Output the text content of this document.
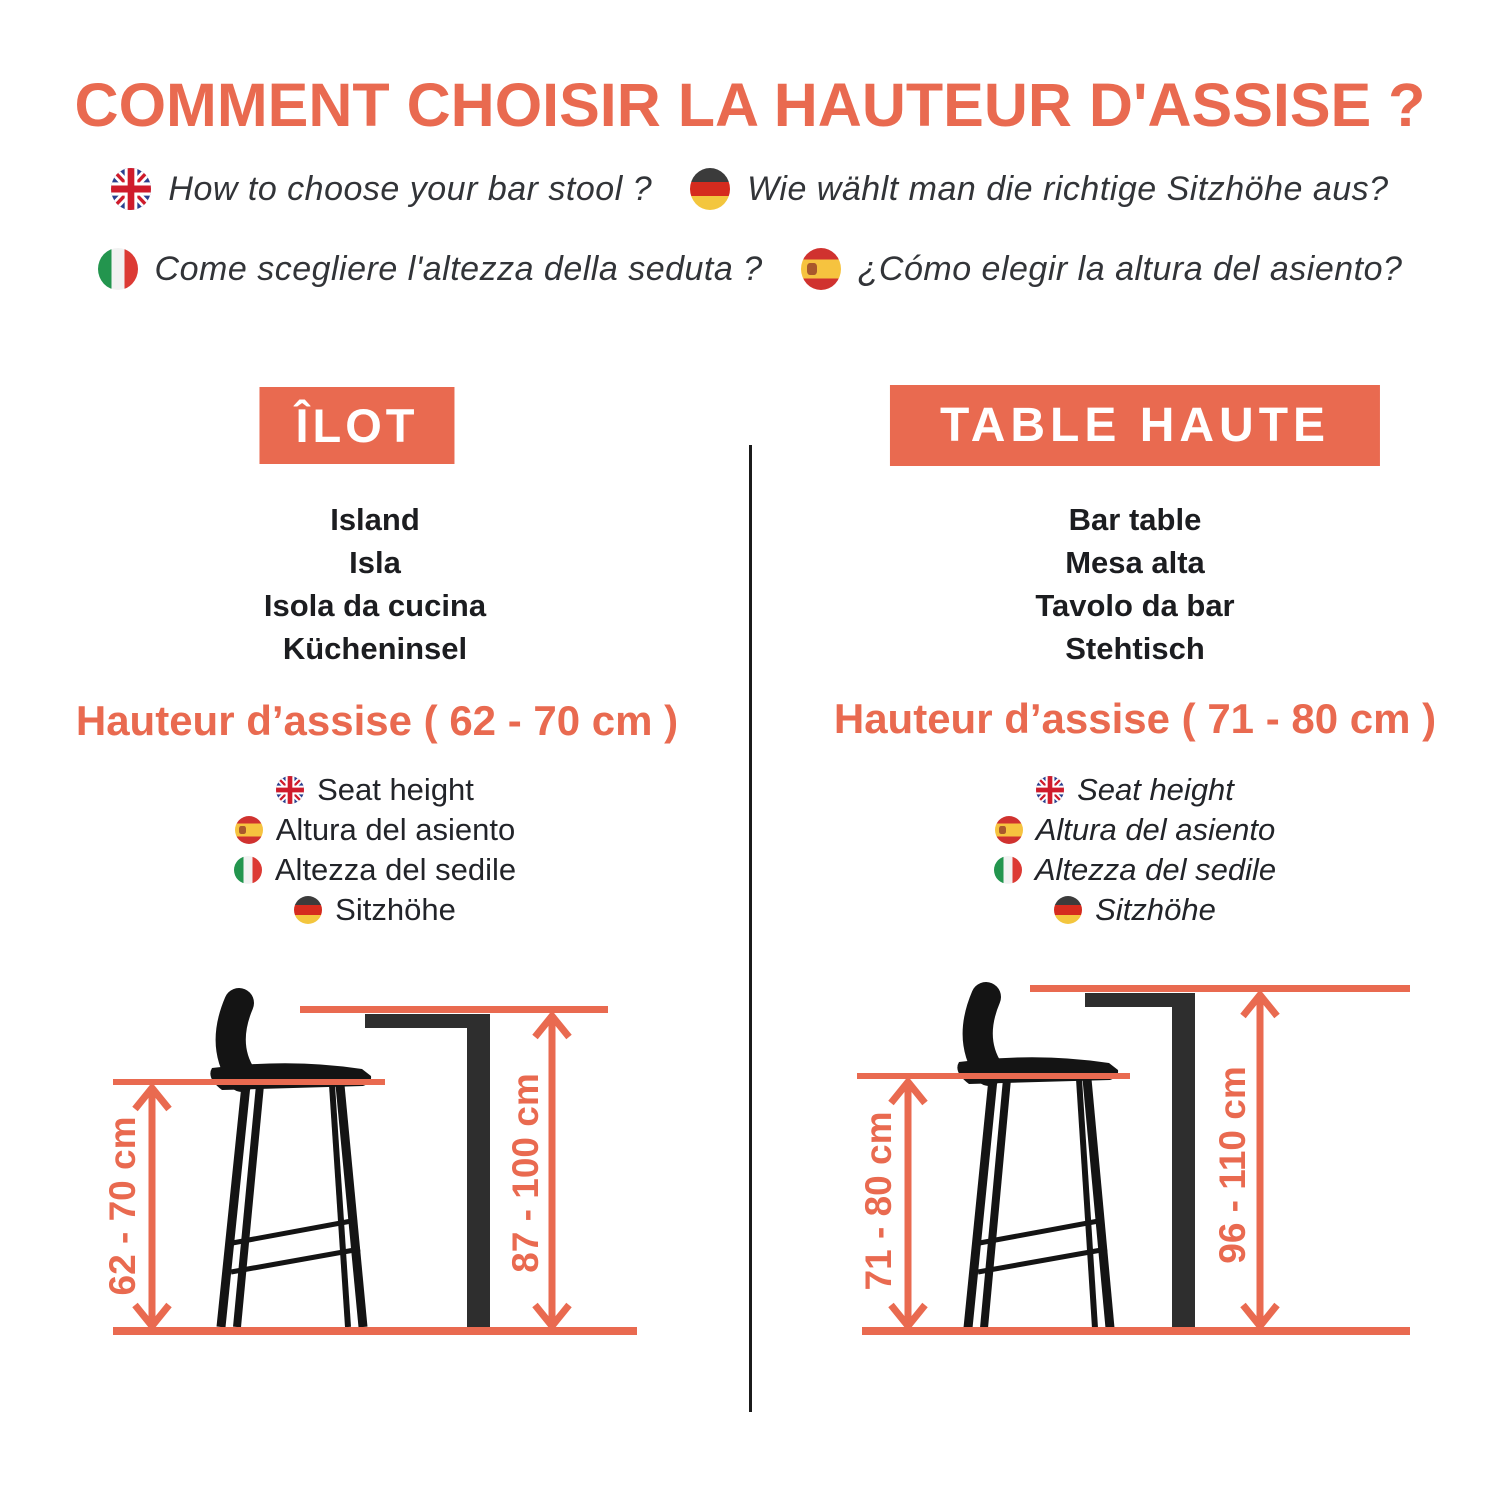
COMMENT CHOISIR LA HAUTEUR D'ASSISE ?
How to choose your bar stool ?	Wie wählt man die richtige Sitzhöhe aus?
Come scegliere l'altezza della seduta ?	¿Cómo elegir la altura del asiento?
ÎLOT
Island
Isla
Isola da cucina
Kücheninsel
Hauteur d’assise ( 62 - 70 cm )
Seat height
Altura del asiento
Altezza del sedile
Sitzhöhe
62 - 70 cm	87 - 100 cm
TABLE HAUTE
Bar table
Mesa alta
Tavolo da bar
Stehtisch
Hauteur d’assise ( 71 - 80 cm )
Seat height
Altura del asiento
Altezza del sedile
Sitzhöhe
71 - 80 cm	96 - 110 cm
